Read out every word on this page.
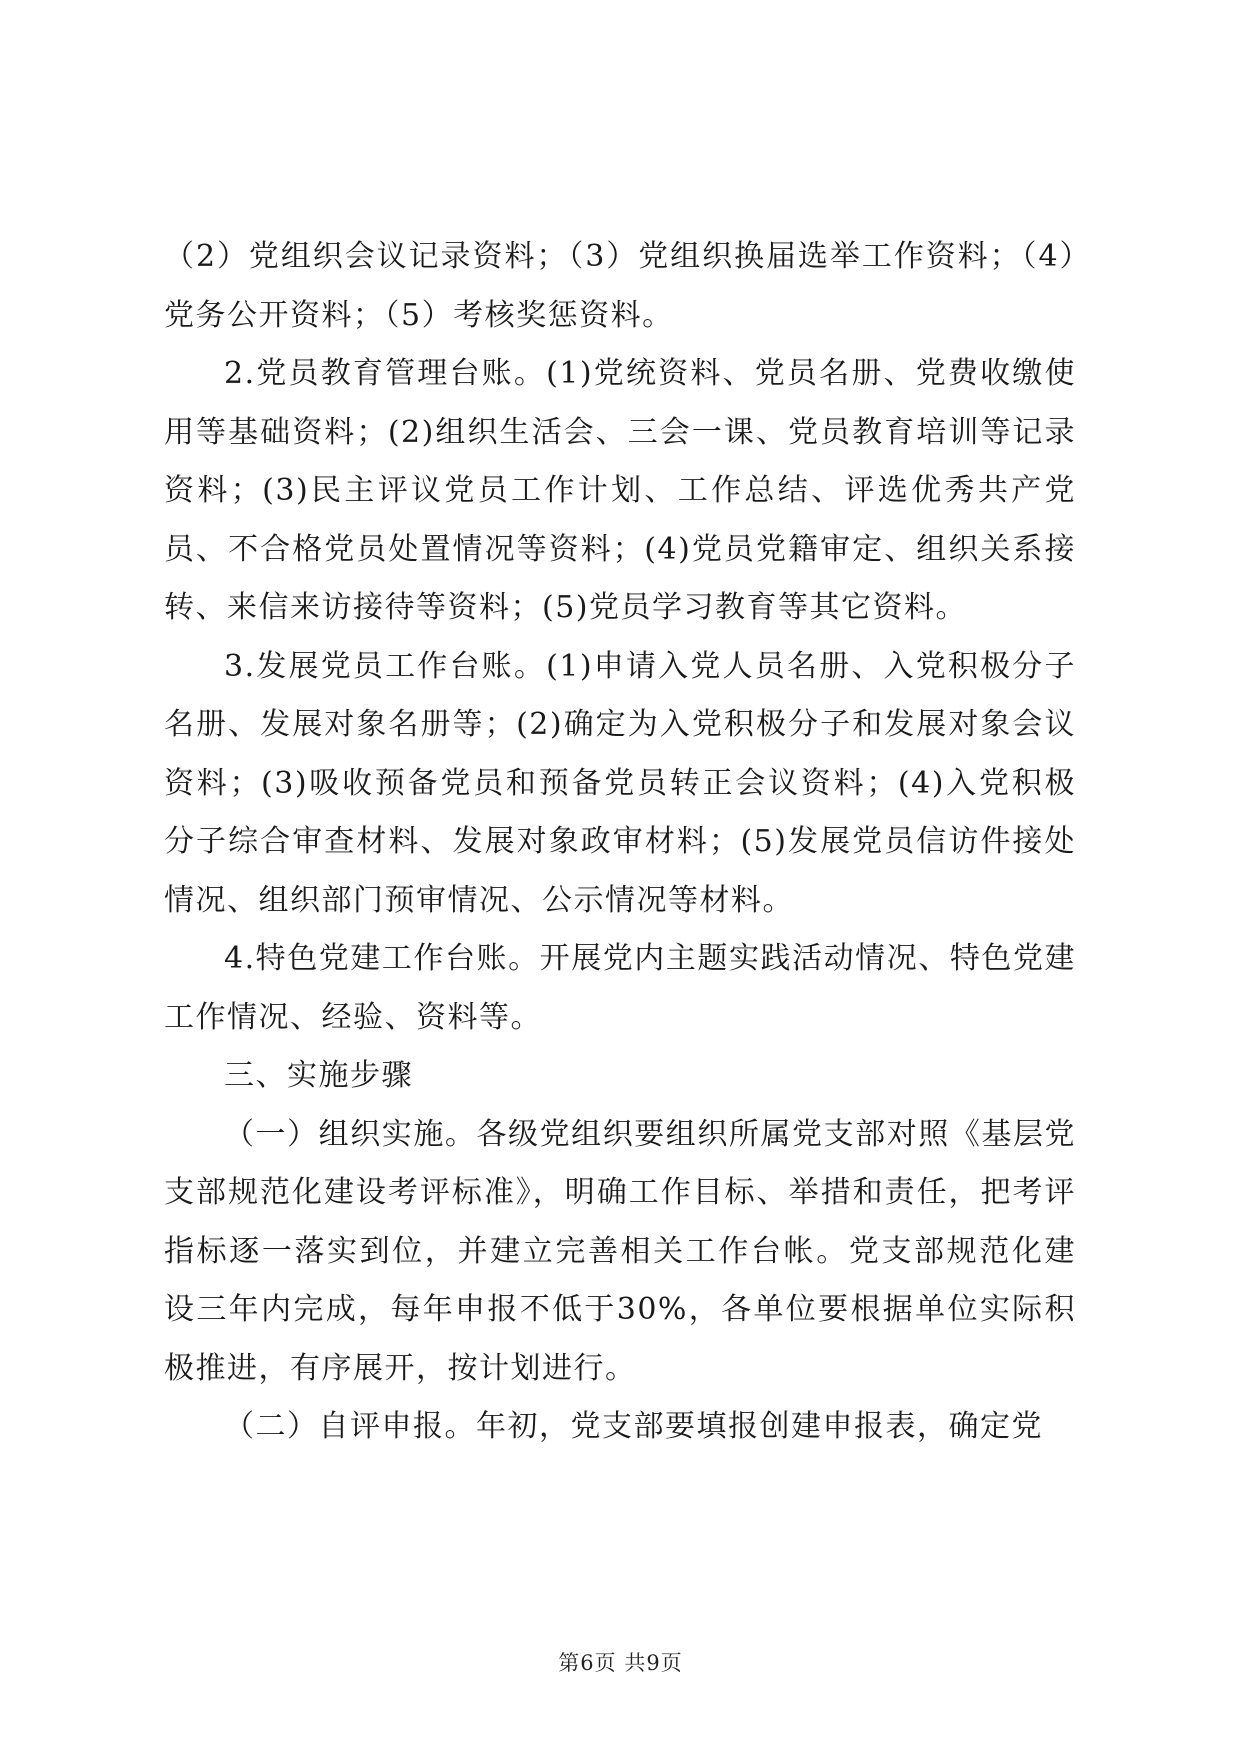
（2）党组织会议记录资料；（3）党组织换届选举工作资料；（4）党务公开资料；（5）考核奖惩资料。

2.党员教育管理台账。(1)党统资料、党员名册、党费收缴使用等基础资料；(2)组织生活会、三会一课、党员教育培训等记录资料；(3)民主评议党员工作计划、工作总结、评选优秀共产党员、不合格党员处置情况等资料；(4)党员党籍审定、组织关系接转、来信来访接待等资料；(5)党员学习教育等其它资料。

3.发展党员工作台账。(1)申请入党人员名册、入党积极分子名册、发展对象名册等；(2)确定为入党积极分子和发展对象会议资料；(3)吸收预备党员和预备党员转正会议资料；(4)入党积极分子综合审查材料、发展对象政审材料；(5)发展党员信访件接处情况、组织部门预审情况、公示情况等材料。

4.特色党建工作台账。开展党内主题实践活动情况、特色党建工作情况、经验、资料等。

三、实施步骤

（一）组织实施。各级党组织要组织所属党支部对照《基层党支部规范化建设考评标准》，明确工作目标、举措和责任，把考评指标逐一落实到位，并建立完善相关工作台帐。党支部规范化建设三年内完成，每年申报不低于30%，各单位要根据单位实际积极推进，有序展开，按计划进行。

（二）自评申报。年初，党支部要填报创建申报表，确定党

第6页 共9页
